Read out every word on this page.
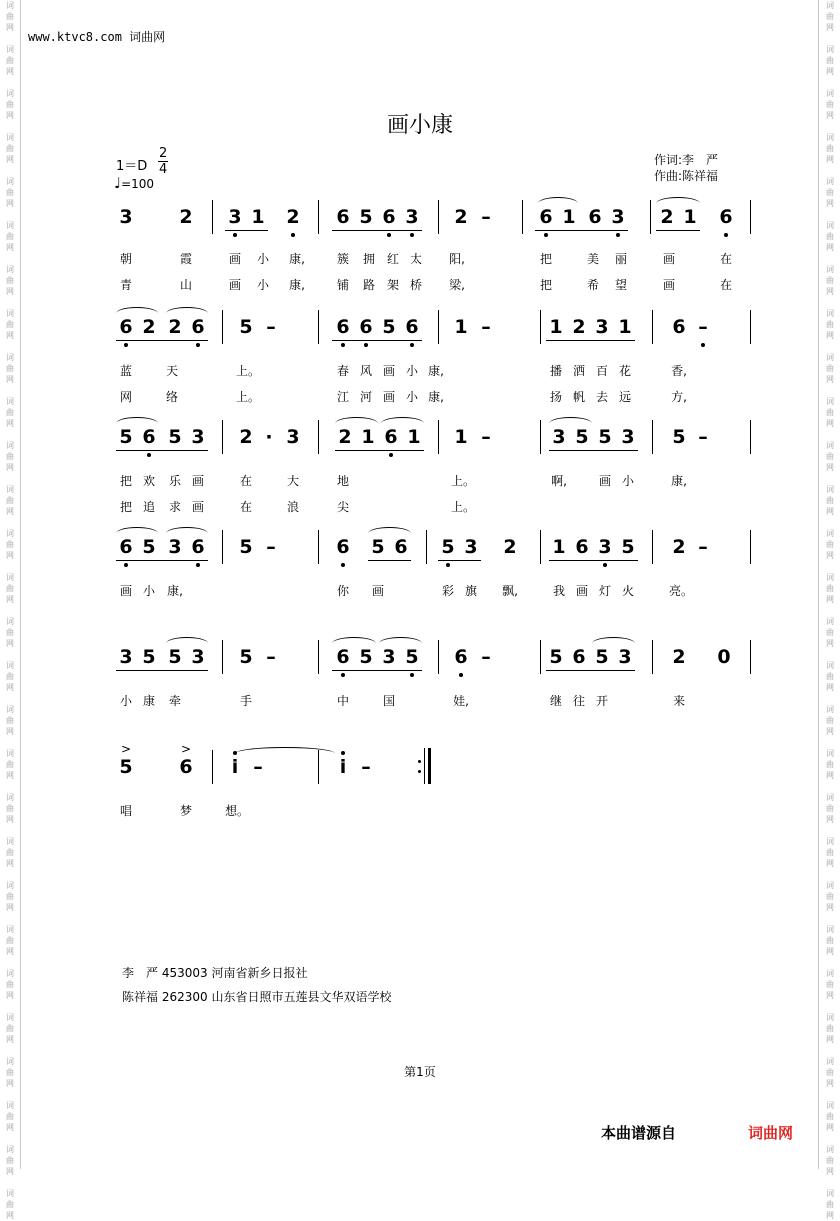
词
曲
网

词
曲
网

词
曲
网

词
曲
网

词
曲
网

词
曲
网

词
曲
网

词
曲
网

词
曲
网

词
曲
网

词
曲
网

词
曲
网

词
曲
网

词
曲
网

词
曲
网

词
曲
网

词
曲
网

词
曲
网

词
曲
网

词
曲
网

词
曲
网

词
曲
网

词
曲
网

词
曲
网

词
曲
网

词
曲
网

词
曲
网

词
曲
网

词
曲
网

词
曲
网

词
曲
网

词
曲
网

词
曲
网

词
曲
网

词
曲
网

词
曲
网

词
曲
网

词
曲
网

词
曲
网

词
曲
网

词
曲
网

词
曲
网

词
曲
网

词
曲
网

词
曲
网

词
曲
网

词
曲
网

词
曲
网

词
曲
网

词
曲
网

词
曲
网

词
曲
网

词
曲
网

词
曲
网

词
曲
网

词
曲
网

www.ktvc8.com 词曲网
画小康
1＝D
2
4
♩=100
作词:李　严
作曲:陈祥福
3 2 3 1 2 6 5 6 3 2 –	6 1 6 3 2 1 6
朝	霞	画	小	康,	簇	拥 红 太	阳,	把	美	丽	画	在
青	山	画	小	康,	铺	路 架 桥	梁,	把	希	望	画	在
6 2 2 6 5 –	6 6 5 6 1 –	1 2 3 1 6 –
蓝	天	上。	春 风 画 小 康,	播 洒 百 花	香,
网	络	上。	江 河 画 小 康,	扬 帆 去 远	方,
5 6 5 3 2 · 3 2 1 6 1 1 –	3 5 5 3 5 –
把 欢	乐 画	在	大	地	上。	啊,	画 小	康,
把 追	求 画	在	浪	尖	上。
6 5 3 6 5 –	6 5 6 5 3 2 1 6 3 5 2 –
画 小	康,	你	画	彩 旗	飘,	我 画 灯 火	亮。
3 5 5 3 5 –	6 5 3 5 6 –	5 6 5 3 2 0
小 康	牵	手	中	国	娃,	继 往 开	来
5 6	i –	i –
>	>
唱	梦	想。
李　严 453003 河南省新乡日报社
陈祥福 262300 山东省日照市五莲县文华双语学校
第1页
本曲谱源自	词曲网
